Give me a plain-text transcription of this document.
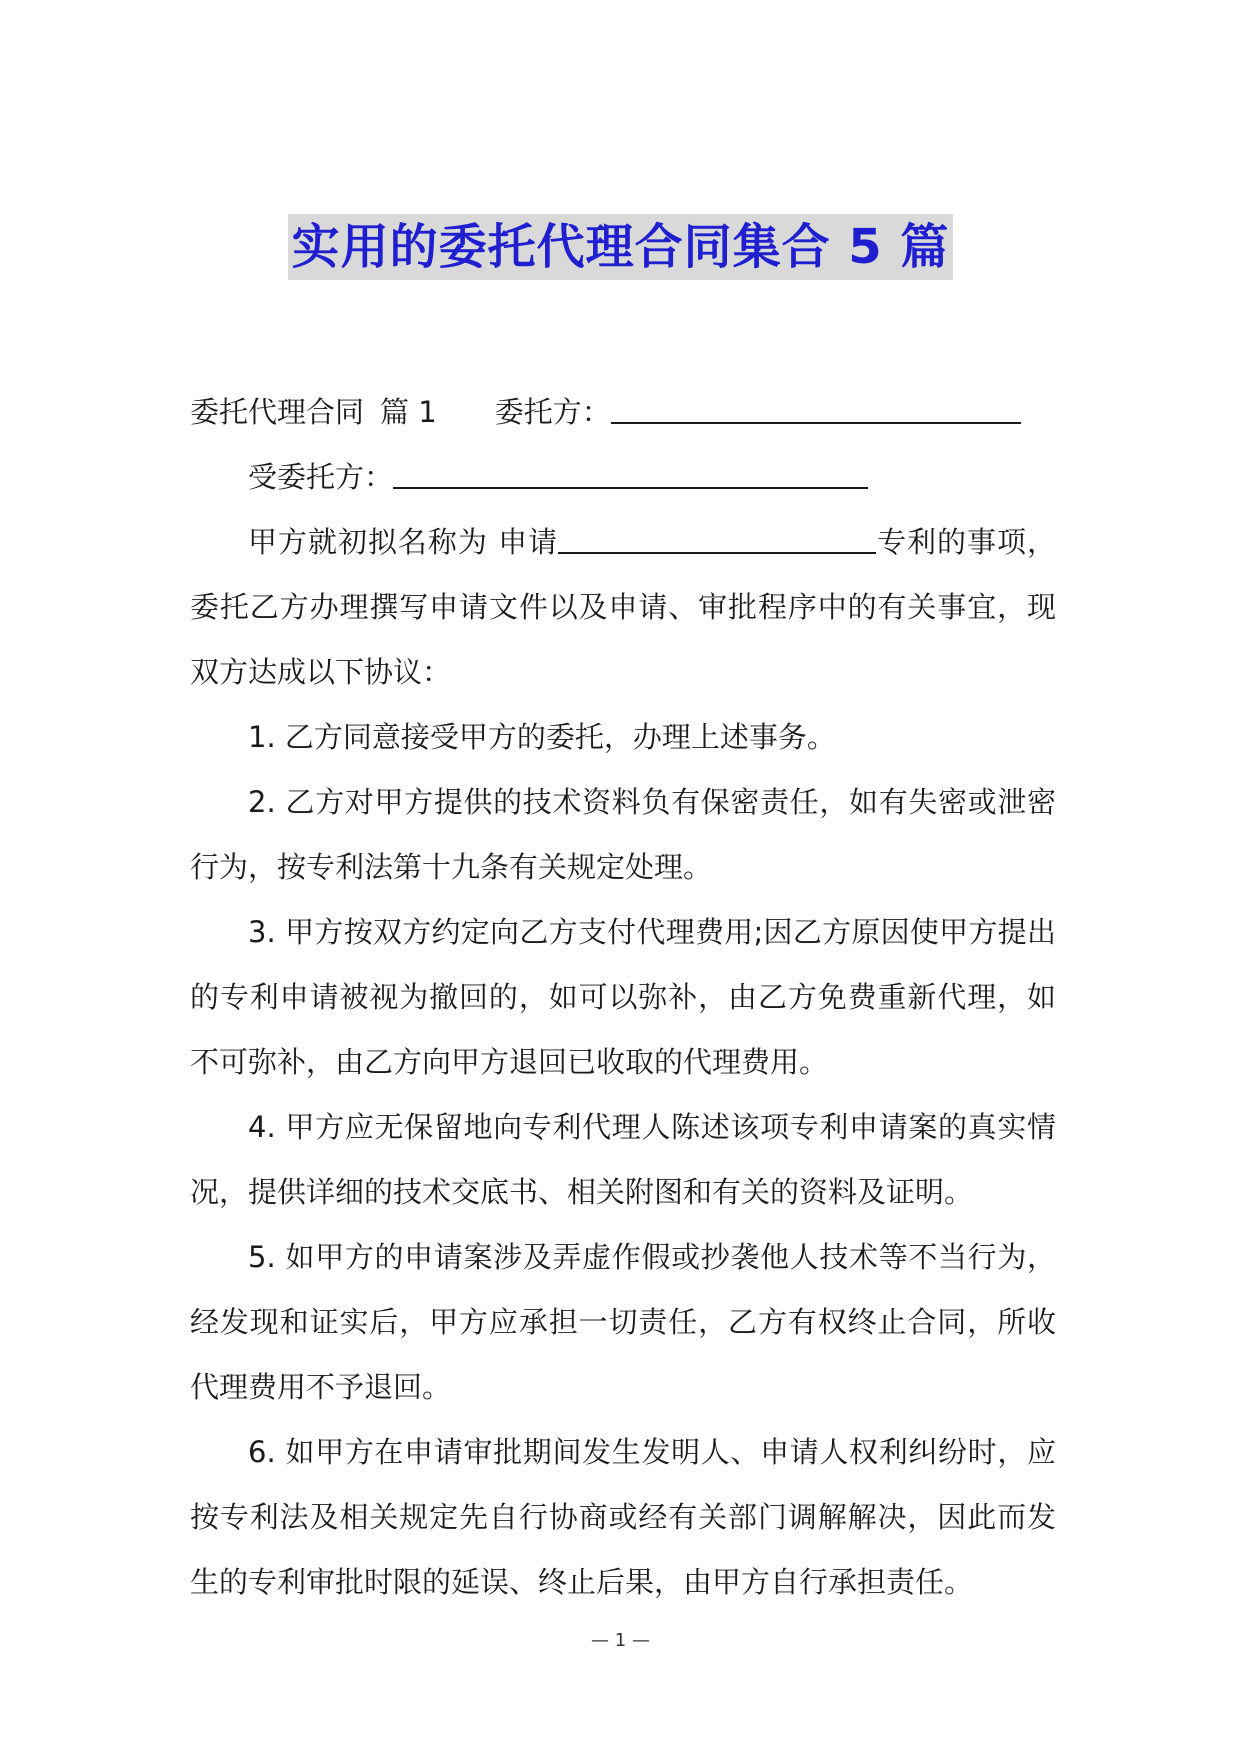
实用的委托代理合同集合 5 篇
委托代理合同 篇 1 委托方：
受委托方：

甲方就初拟名称为 申请	专利的事项，委托乙方办理撰写申请文件以及申请、审批程序中的有关事宜，现双方达成以下协议：

1. 乙方同意接受甲方的委托，办理上述事务。

2. 乙方对甲方提供的技术资料负有保密责任，如有失密或泄密行为，按专利法第十九条有关规定处理。

3. 甲方按双方约定向乙方支付代理费用;因乙方原因使甲方提出的专利申请被视为撤回的，如可以弥补，由乙方免费重新代理，如不可弥补，由乙方向甲方退回已收取的代理费用。

4. 甲方应无保留地向专利代理人陈述该项专利申请案的真实情况，提供详细的技术交底书、相关附图和有关的资料及证明。

5. 如甲方的申请案涉及弄虚作假或抄袭他人技术等不当行为，经发现和证实后，甲方应承担一切责任，乙方有权终止合同，所收代理费用不予退回。

6. 如甲方在申请审批期间发生发明人、申请人权利纠纷时，应按专利法及相关规定先自行协商或经有关部门调解解决，因此而发生的专利审批时限的延误、终止后果，由甲方自行承担责任。

— 1 —
